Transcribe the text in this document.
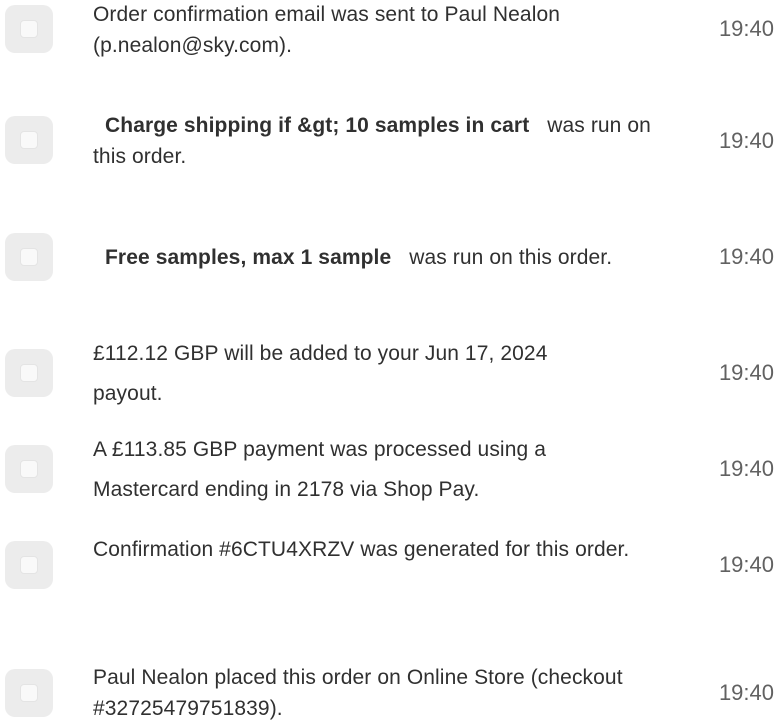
Order confirmation email was sent to Paul Nealon (p.nealon@sky.com).
19:40
Charge shipping if &gt; 10 samples in cart was run on this order.
19:40
Free samples, max 1 sample was run on this order.	19:40
£112.12 GBP will be added to your Jun 17, 2024 payout.
19:40
A £113.85 GBP payment was processed using a Mastercard ending in 2178 via Shop Pay.
19:40
Confirmation #6CTU4XRZV was generated for this order.
19:40
Paul Nealon placed this order on Online Store (checkout #32725479751839).
19:40
